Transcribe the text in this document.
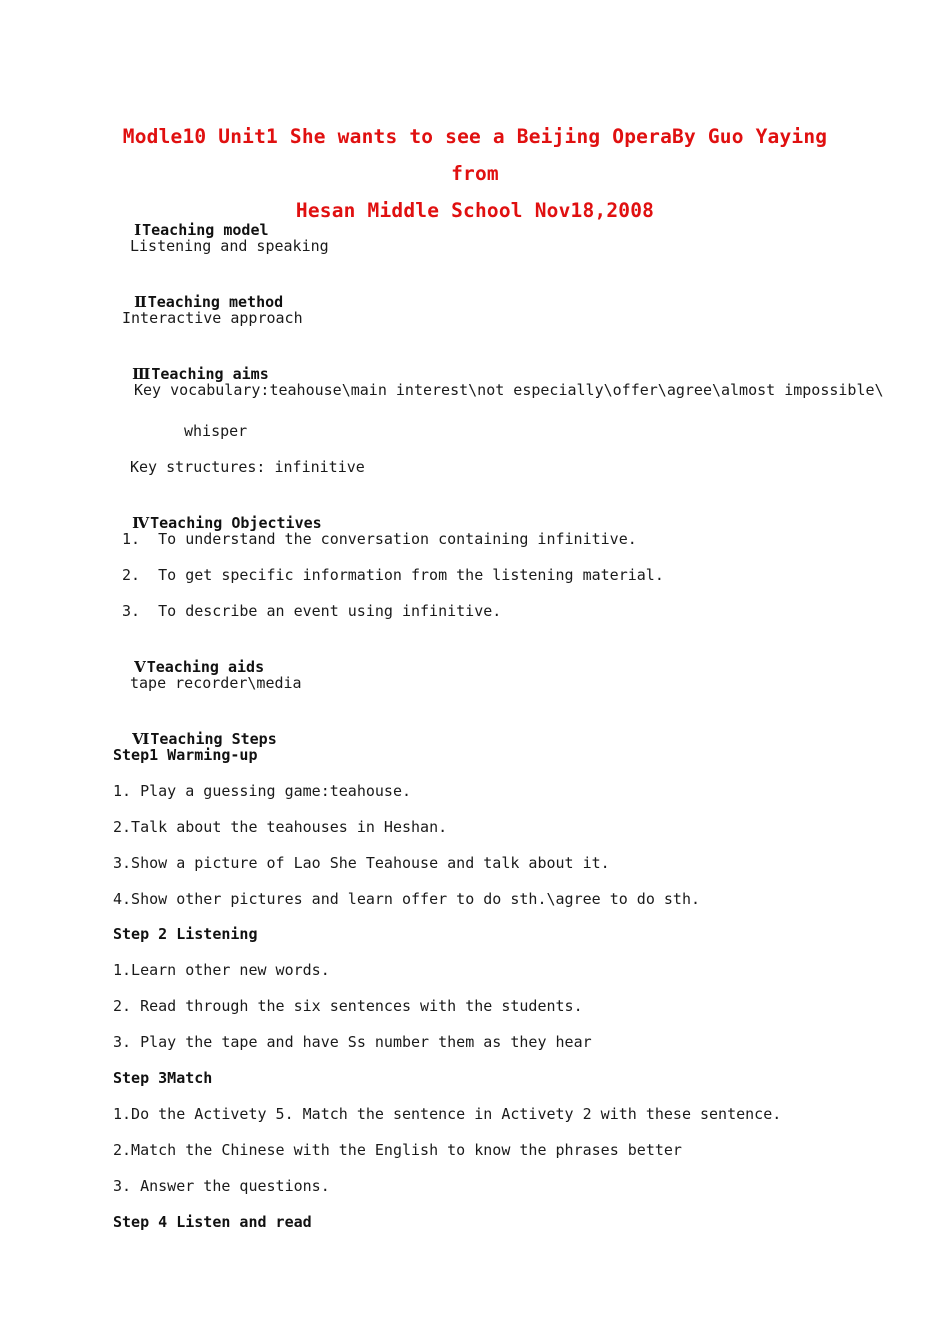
Modle10 Unit1 She wants to see a Beijing OperaBy Guo Yaying from
Hesan Middle School Nov18,2008

ⅠTeaching model

Listening and speaking

ⅡTeaching method

Interactive approach

ⅢTeaching aims

Key vocabulary:teahouse\main interest\not especially\offer\agree\almost impossible\
whisper
Key structures: infinitive

ⅣTeaching Objectives

1.  To understand the conversation containing infinitive.
2.  To get specific information from the listening material.
3.  To describe an event using infinitive.

ⅤTeaching aids

tape recorder\media

ⅥTeaching Steps

Step1 Warming-up
1. Play a guessing game:teahouse.
2.Talk about the teahouses in Heshan.
3.Show a picture of Lao She Teahouse and talk about it.
4.Show other pictures and learn offer to do sth.\agree to do sth.
Step 2 Listening
1.Learn other new words.
2. Read through the six sentences with the students.
3. Play the tape and have Ss number them as they hear
Step 3Match
1.Do the Activety 5. Match the sentence in Activety 2 with these sentence.
2.Match the Chinese with the English to know the phrases better
3. Answer the questions.
Step 4 Listen and read
